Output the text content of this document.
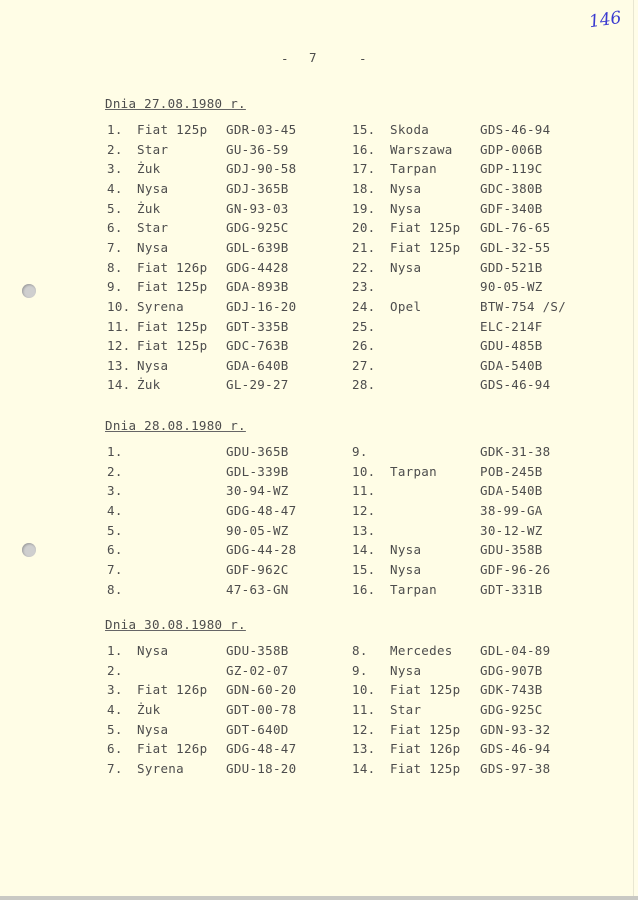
146
- 7	-
Dnia 27.08.1980 r.
1. Fiat 125p GDR-03-45
2. Star	GU-36-59
3. Żuk	GDJ-90-58
4. Nysa	GDJ-365B
5. Żuk	GN-93-03
6. Star	GDG-925C
7. Nysa	GDL-639B
8. Fiat 126p GDG-4428
9. Fiat 125p GDA-893B
10. Syrena	GDJ-16-20
11. Fiat 125p GDT-335B
12. Fiat 125p GDC-763B
13. Nysa	GDA-640B
14. Żuk	GL-29-27
15. Skoda	GDS-46-94
16. Warszawa GDP-006B
17. Tarpan	GDP-119C
18. Nysa	GDC-380B
19. Nysa	GDF-340B
20. Fiat 125p GDL-76-65
21. Fiat 125p GDL-32-55
22. Nysa	GDD-521B
23.	90-05-WZ
24. Opel	BTW-754 /S/
25.	ELC-214F
26.	GDU-485B
27.	GDA-540B
28.	GDS-46-94
Dnia 28.08.1980 r.
1.	GDU-365B
2.	GDL-339B
3.	30-94-WZ
4.	GDG-48-47
5.	90-05-WZ
6.	GDG-44-28
7.	GDF-962C
8.	47-63-GN
9.	GDK-31-38
10. Tarpan	POB-245B
11.	GDA-540B
12.	38-99-GA
13.	30-12-WZ
14. Nysa	GDU-358B
15. Nysa	GDF-96-26
16. Tarpan	GDT-331B
Dnia 30.08.1980 r.
1. Nysa	GDU-358B
2.	GZ-02-07
3. Fiat 126p GDN-60-20
4. Żuk	GDT-00-78
5. Nysa	GDT-640D
6. Fiat 126p GDG-48-47
7. Syrena	GDU-18-20
8. Mercedes GDL-04-89
9. Nysa	GDG-907B
10. Fiat 125p GDK-743B
11. Star	GDG-925C
12. Fiat 125p GDN-93-32
13. Fiat 126p GDS-46-94
14. Fiat 125p GDS-97-38
